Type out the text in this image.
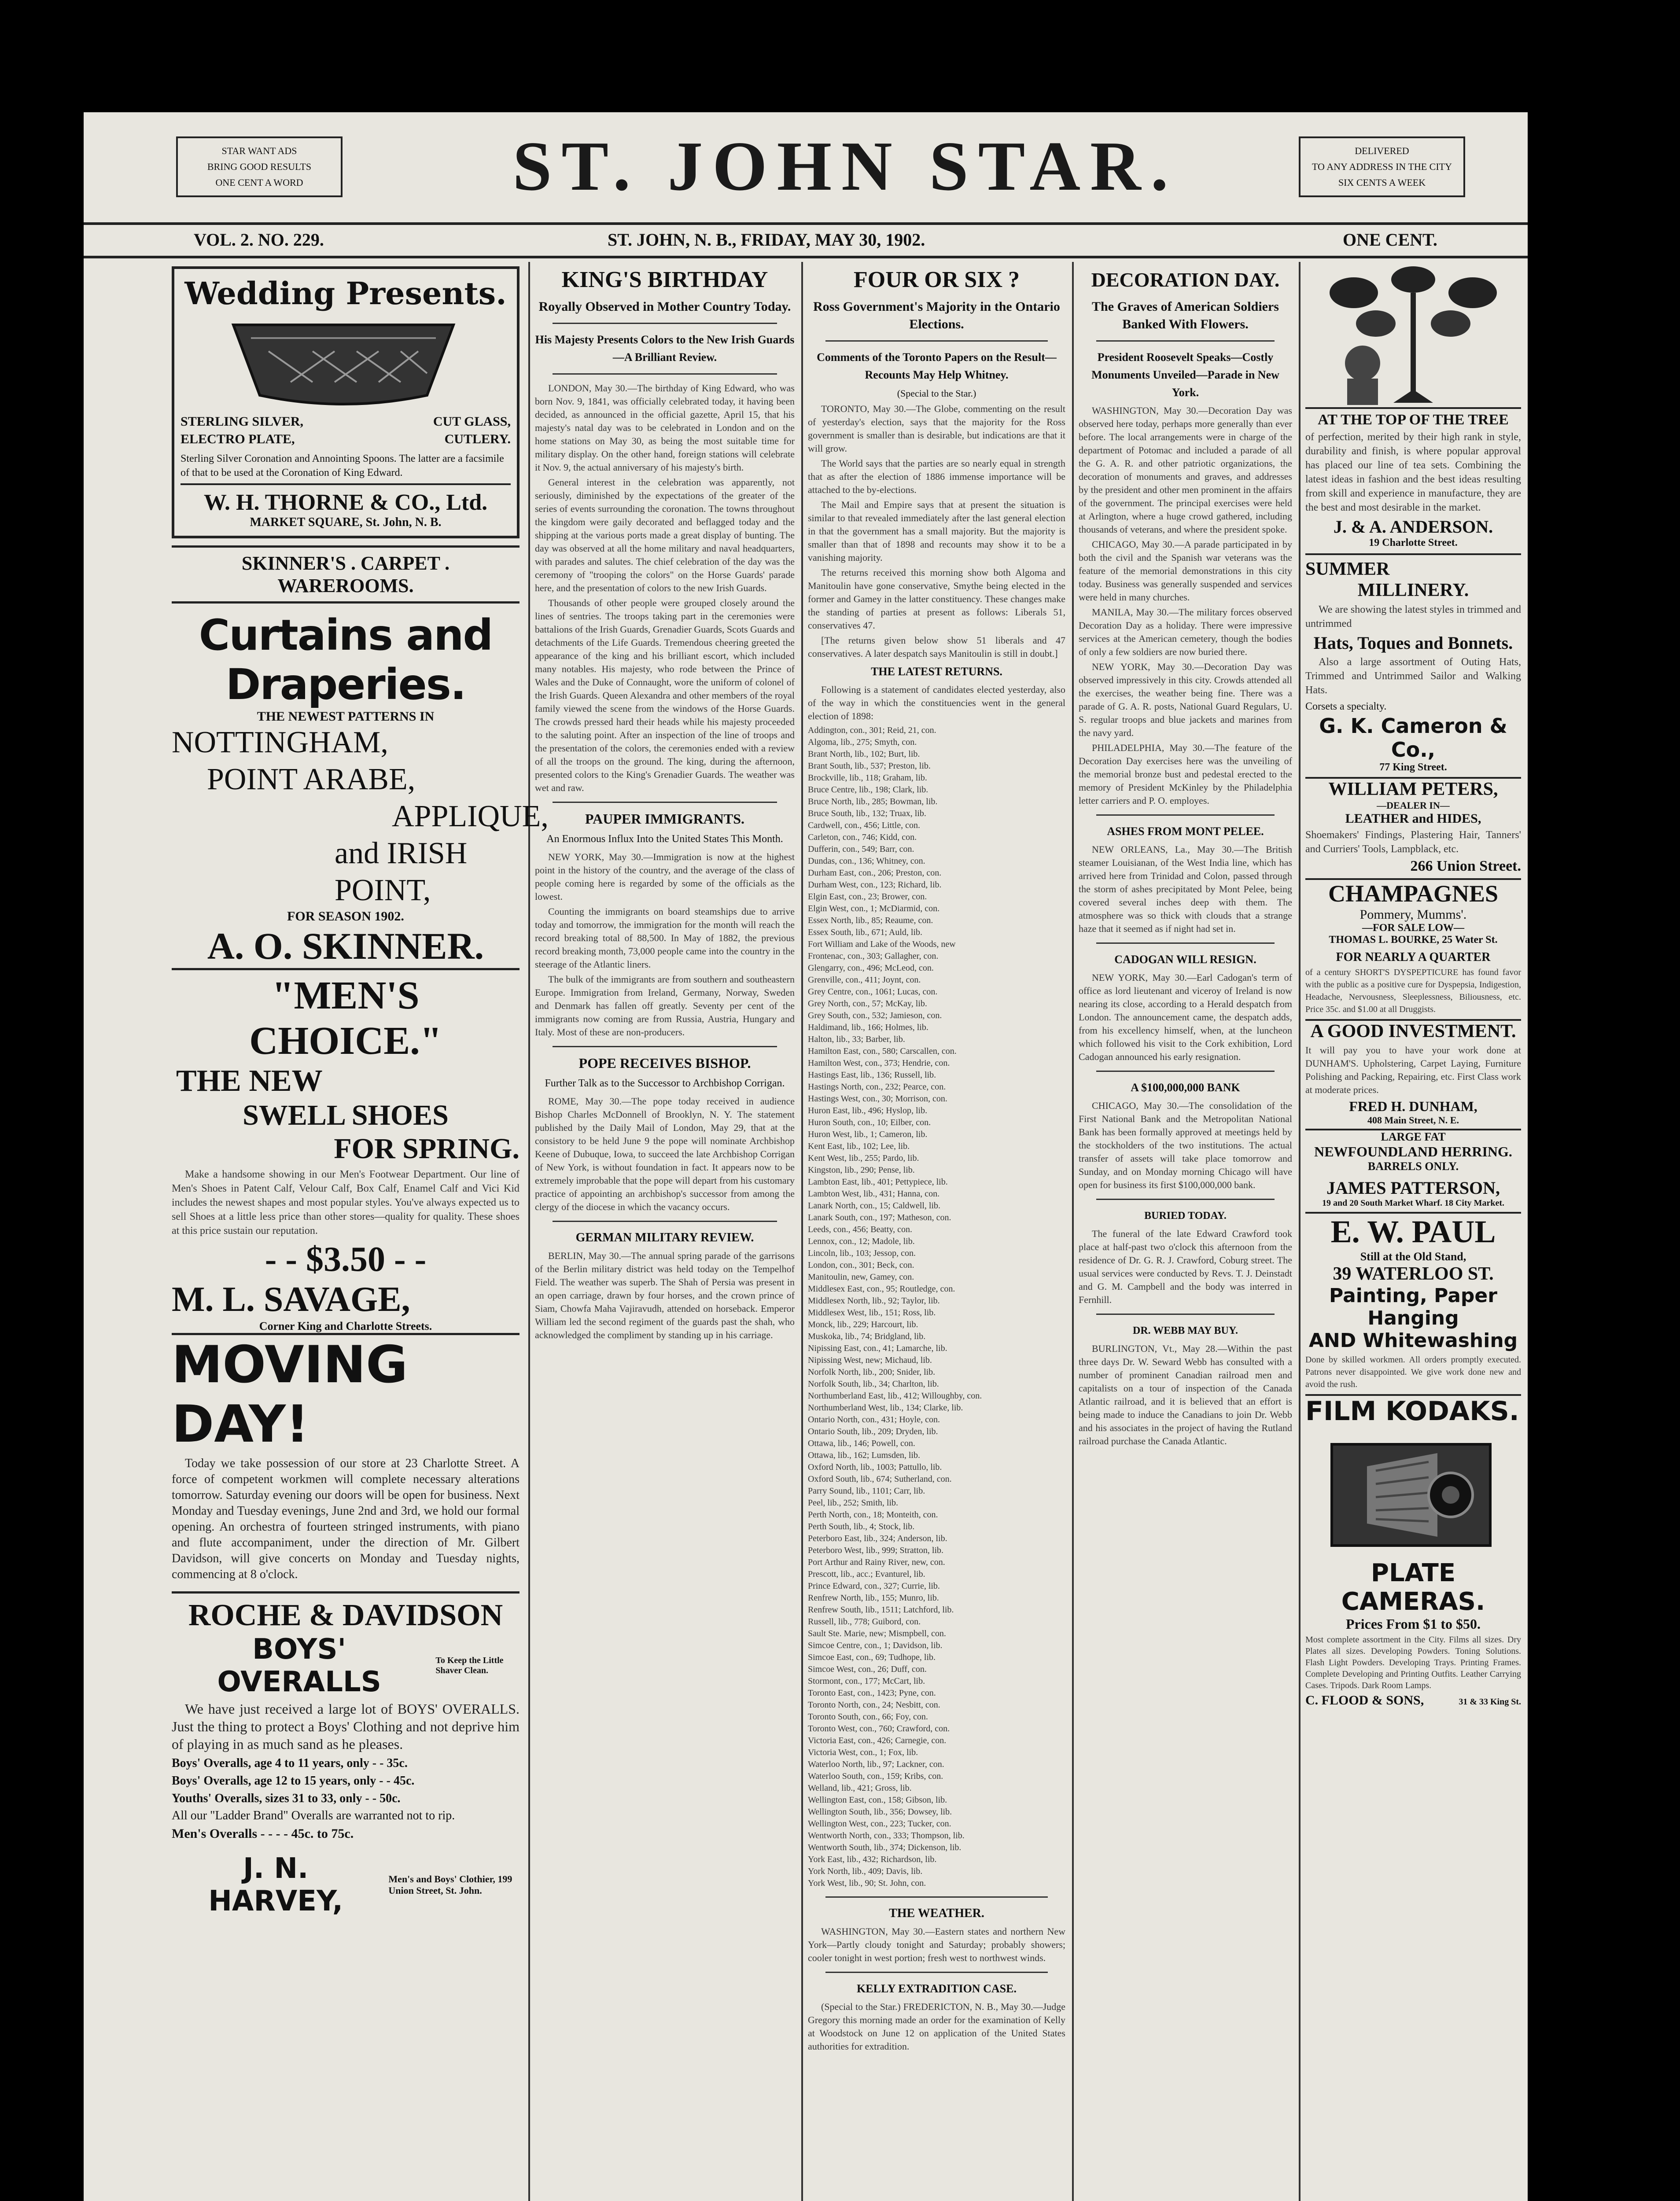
STAR WANT ADS
BRING GOOD RESULTS
ONE CENT A WORD	ST. JOHN STAR.	DELIVERED
TO ANY ADDRESS IN THE CITY
SIX CENTS A WEEK
VOL. 2. NO. 229.	ST. JOHN, N. B., FRIDAY, MAY 30, 1902.	ONE CENT.
Wedding Presents.
STERLING SILVER,	CUT GLASS,
ELECTRO PLATE,	CUTLERY.
Sterling Silver Coronation and Annointing Spoons. The latter are a facsimile of that to be used at the Coronation of King Edward.
W. H. THORNE & CO., Ltd.
MARKET SQUARE, St. John, N. B.
SKINNER'S . CARPET . WAREROOMS.
Curtains and Draperies.
THE NEWEST PATTERNS IN
NOTTINGHAM,
POINT ARABE,
APPLIQUE,
and IRISH POINT,
FOR SEASON 1902.
A. O. SKINNER.
"MEN'S CHOICE."
THE NEW
SWELL SHOES
FOR SPRING.
Make a handsome showing in our Men's Footwear Department. Our line of Men's Shoes in Patent Calf, Velour Calf, Box Calf, Enamel Calf and Vici Kid includes the newest shapes and most popular styles. You've always expected us to sell Shoes at a little less price than other stores—quality for quality. These shoes at this price sustain our reputation.
- - $3.50 - -
M. L. SAVAGE,
Corner King and Charlotte Streets.
MOVING DAY!
Today we take possession of our store at 23 Charlotte Street. A force of competent workmen will complete necessary alterations tomorrow. Saturday evening our doors will be open for business. Next Monday and Tuesday evenings, June 2nd and 3rd, we hold our formal opening. An orchestra of fourteen stringed instruments, with piano and flute accompaniment, under the direction of Mr. Gilbert Davidson, will give concerts on Monday and Tuesday nights, commencing at 8 o'clock.
ROCHE & DAVIDSON
BOYS' OVERALLS
To Keep the Little Shaver Clean.
We have just received a large lot of BOYS' OVERALLS. Just the thing to protect a Boys' Clothing and not deprive him of playing in as much sand as he pleases.
Boys' Overalls, age 4 to 11 years, only - - 35c.
Boys' Overalls, age 12 to 15 years, only - - 45c.
Youths' Overalls, sizes 31 to 33, only - - 50c.
All our "Ladder Brand" Overalls are warranted not to rip.
Men's Overalls - - - - 45c. to 75c.
J. N. HARVEY,
Men's and Boys' Clothier, 199 Union Street, St. John.
KING'S BIRTHDAY
Royally Observed in Mother Country Today.
His Majesty Presents Colors to the New Irish Guards—A Brilliant Review.
LONDON, May 30.—The birthday of King Edward, who was born Nov. 9, 1841, was officially celebrated today, it having been decided, as announced in the official gazette, April 15, that his majesty's natal day was to be celebrated in London and on the home stations on May 30, as being the most suitable time for military display. On the other hand, foreign stations will celebrate it Nov. 9, the actual anniversary of his majesty's birth.
General interest in the celebration was apparently, not seriously, diminished by the expectations of the greater of the series of events surrounding the coronation. The towns throughout the kingdom were gaily decorated and beflagged today and the shipping at the various ports made a great display of bunting. The day was observed at all the home military and naval headquarters, with parades and salutes. The chief celebration of the day was the ceremony of "trooping the colors" on the Horse Guards' parade here, and the presentation of colors to the new Irish Guards.
Thousands of other people were grouped closely around the lines of sentries. The troops taking part in the ceremonies were battalions of the Irish Guards, Grenadier Guards, Scots Guards and detachments of the Life Guards. Tremendous cheering greeted the appearance of the king and his brilliant escort, which included many notables. His majesty, who rode between the Prince of Wales and the Duke of Connaught, wore the uniform of colonel of the Irish Guards. Queen Alexandra and other members of the royal family viewed the scene from the windows of the Horse Guards. The crowds pressed hard their heads while his majesty proceeded to the saluting point. After an inspection of the line of troops and the presentation of the colors, the ceremonies ended with a review of all the troops on the ground. The king, during the afternoon, presented colors to the King's Grenadier Guards. The weather was wet and raw.
PAUPER IMMIGRANTS.
An Enormous Influx Into the United States This Month.
NEW YORK, May 30.—Immigration is now at the highest point in the history of the country, and the average of the class of people coming here is regarded by some of the officials as the lowest.
Counting the immigrants on board steamships due to arrive today and tomorrow, the immigration for the month will reach the record breaking total of 88,500. In May of 1882, the previous record breaking month, 73,000 people came into the country in the steerage of the Atlantic liners.
The bulk of the immigrants are from southern and southeastern Europe. Immigration from Ireland, Germany, Norway, Sweden and Denmark has fallen off greatly. Seventy per cent of the immigrants now coming are from Russia, Austria, Hungary and Italy. Most of these are non-producers.
POPE RECEIVES BISHOP.
Further Talk as to the Successor to Archbishop Corrigan.
ROME, May 30.—The pope today received in audience Bishop Charles McDonnell of Brooklyn, N. Y. The statement published by the Daily Mail of London, May 29, that at the consistory to be held June 9 the pope will nominate Archbishop Keene of Dubuque, Iowa, to succeed the late Archbishop Corrigan of New York, is without foundation in fact. It appears now to be extremely improbable that the pope will depart from his customary practice of appointing an archbishop's successor from among the clergy of the diocese in which the vacancy occurs.
GERMAN MILITARY REVIEW.
BERLIN, May 30.—The annual spring parade of the garrisons of the Berlin military district was held today on the Tempelhof Field. The weather was superb. The Shah of Persia was present in an open carriage, drawn by four horses, and the crown prince of Siam, Chowfa Maha Vajiravudh, attended on horseback. Emperor William led the second regiment of the guards past the shah, who acknowledged the compliment by standing up in his carriage.
FOUR OR SIX ?
Ross Government's Majority in the Ontario Elections.
Comments of the Toronto Papers on the Result—Recounts May Help Whitney.
(Special to the Star.)
TORONTO, May 30.—The Globe, commenting on the result of yesterday's election, says that the majority for the Ross government is smaller than is desirable, but indications are that it will grow.
The World says that the parties are so nearly equal in strength that as after the election of 1886 immense importance will be attached to the by-elections.
The Mail and Empire says that at present the situation is similar to that revealed immediately after the last general election in that the government has a small majority. But the majority is smaller than that of 1898 and recounts may show it to be a vanishing majority.
The returns received this morning show both Algoma and Manitoulin have gone conservative, Smythe being elected in the former and Gamey in the latter constituency. These changes make the standing of parties at present as follows: Liberals 51, conservatives 47.
[The returns given below show 51 liberals and 47 conservatives. A later despatch says Manitoulin is still in doubt.]
THE LATEST RETURNS.
Following is a statement of candidates elected yesterday, also of the way in which the constituencies went in the general election of 1898:
Addington, con., 301; Reid, 21, con.
Algoma, lib., 275; Smyth, con.
Brant North, lib., 102; Burt, lib.
Brant South, lib., 537; Preston, lib.
Brockville, lib., 118; Graham, lib.
Bruce Centre, lib., 198; Clark, lib.
Bruce North, lib., 285; Bowman, lib.
Bruce South, lib., 132; Truax, lib.
Cardwell, con., 456; Little, con.
Carleton, con., 746; Kidd, con.
Dufferin, con., 549; Barr, con.
Dundas, con., 136; Whitney, con.
Durham East, con., 206; Preston, con.
Durham West, con., 123; Richard, lib.
Elgin East, con., 23; Brower, con.
Elgin West, con., 1; McDiarmid, con.
Essex North, lib., 85; Reaume, con.
Essex South, lib., 671; Auld, lib.
Fort William and Lake of the Woods, new
Frontenac, con., 303; Gallagher, con.
Glengarry, con., 496; McLeod, con.
Grenville, con., 411; Joynt, con.
Grey Centre, con., 1061; Lucas, con.
Grey North, con., 57; McKay, lib.
Grey South, con., 532; Jamieson, con.
Haldimand, lib., 166; Holmes, lib.
Halton, lib., 33; Barber, lib.
Hamilton East, con., 580; Carscallen, con.
Hamilton West, con., 373; Hendrie, con.
Hastings East, lib., 136; Russell, lib.
Hastings North, con., 232; Pearce, con.
Hastings West, con., 30; Morrison, con.
Huron East, lib., 496; Hyslop, lib.
Huron South, con., 10; Eilber, con.
Huron West, lib., 1; Cameron, lib.
Kent East, lib., 102; Lee, lib.
Kent West, lib., 255; Pardo, lib.
Kingston, lib., 290; Pense, lib.
Lambton East, lib., 401; Pettypiece, lib.
Lambton West, lib., 431; Hanna, con.
Lanark North, con., 15; Caldwell, lib.
Lanark South, con., 197; Matheson, con.
Leeds, con., 456; Beatty, con.
Lennox, con., 12; Madole, lib.
Lincoln, lib., 103; Jessop, con.
London, con., 301; Beck, con.
Manitoulin, new, Gamey, con.
Middlesex East, con., 95; Routledge, con.
Middlesex North, lib., 92; Taylor, lib.
Middlesex West, lib., 151; Ross, lib.
Monck, lib., 229; Harcourt, lib.
Muskoka, lib., 74; Bridgland, lib.
Nipissing East, con., 41; Lamarche, lib.
Nipissing West, new; Michaud, lib.
Norfolk North, lib., 200; Snider, lib.
Norfolk South, lib., 34; Charlton, lib.
Northumberland East, lib., 412; Willoughby, con.
Northumberland West, lib., 134; Clarke, lib.
Ontario North, con., 431; Hoyle, con.
Ontario South, lib., 209; Dryden, lib.
Ottawa, lib., 146; Powell, con.
Ottawa, lib., 162; Lumsden, lib.
Oxford North, lib., 1003; Pattullo, lib.
Oxford South, lib., 674; Sutherland, con.
Parry Sound, lib., 1101; Carr, lib.
Peel, lib., 252; Smith, lib.
Perth North, con., 18; Monteith, con.
Perth South, lib., 4; Stock, lib.
Peterboro East, lib., 324; Anderson, lib.
Peterboro West, lib., 999; Stratton, lib.
Port Arthur and Rainy River, new, con.
Prescott, lib., acc.; Evanturel, lib.
Prince Edward, con., 327; Currie, lib.
Renfrew North, lib., 155; Munro, lib.
Renfrew South, lib., 1511; Latchford, lib.
Russell, lib., 778; Guibord, con.
Sault Ste. Marie, new; Mismpbell, con.
Simcoe Centre, con., 1; Davidson, lib.
Simcoe East, con., 69; Tudhope, lib.
Simcoe West, con., 26; Duff, con.
Stormont, con., 177; McCart, lib.
Toronto East, con., 1423; Pyne, con.
Toronto North, con., 24; Nesbitt, con.
Toronto South, con., 66; Foy, con.
Toronto West, con., 760; Crawford, con.
Victoria East, con., 426; Carnegie, con.
Victoria West, con., 1; Fox, lib.
Waterloo North, lib., 97; Lackner, con.
Waterloo South, con., 159; Kribs, con.
Welland, lib., 421; Gross, lib.
Wellington East, con., 158; Gibson, lib.
Wellington South, lib., 356; Dowsey, lib.
Wellington West, con., 223; Tucker, con.
Wentworth North, con., 333; Thompson, lib.
Wentworth South, lib., 374; Dickenson, lib.
York East, lib., 432; Richardson, lib.
York North, lib., 409; Davis, lib.
York West, lib., 90; St. John, con.
THE WEATHER.
WASHINGTON, May 30.—Eastern states and northern New York—Partly cloudy tonight and Saturday; probably showers; cooler tonight in west portion; fresh west to northwest winds.
KELLY EXTRADITION CASE.
(Special to the Star.) FREDERICTON, N. B., May 30.—Judge Gregory this morning made an order for the examination of Kelly at Woodstock on June 12 on application of the United States authorities for extradition.
DECORATION DAY.
The Graves of American Soldiers Banked With Flowers.
President Roosevelt Speaks—Costly Monuments Unveiled—Parade in New York.
WASHINGTON, May 30.—Decoration Day was observed here today, perhaps more generally than ever before. The local arrangements were in charge of the department of Potomac and included a parade of all the G. A. R. and other patriotic organizations, the decoration of monuments and graves, and addresses by the president and other men prominent in the affairs of the government. The principal exercises were held at Arlington, where a huge crowd gathered, including thousands of veterans, and where the president spoke.
CHICAGO, May 30.—A parade participated in by both the civil and the Spanish war veterans was the feature of the memorial demonstrations in this city today. Business was generally suspended and services were held in many churches.
MANILA, May 30.—The military forces observed Decoration Day as a holiday. There were impressive services at the American cemetery, though the bodies of only a few soldiers are now buried there.
NEW YORK, May 30.—Decoration Day was observed impressively in this city. Crowds attended all the exercises, the weather being fine. There was a parade of G. A. R. posts, National Guard Regulars, U. S. regular troops and blue jackets and marines from the navy yard.
PHILADELPHIA, May 30.—The feature of the Decoration Day exercises here was the unveiling of the memorial bronze bust and pedestal erected to the memory of President McKinley by the Philadelphia letter carriers and P. O. employes.
ASHES FROM MONT PELEE.
NEW ORLEANS, La., May 30.—The British steamer Louisianan, of the West India line, which has arrived here from Trinidad and Colon, passed through the storm of ashes precipitated by Mont Pelee, being covered several inches deep with them. The atmosphere was so thick with clouds that a strange haze that it seemed as if night had set in.
CADOGAN WILL RESIGN.
NEW YORK, May 30.—Earl Cadogan's term of office as lord lieutenant and viceroy of Ireland is now nearing its close, according to a Herald despatch from London. The announcement came, the despatch adds, from his excellency himself, when, at the luncheon which followed his visit to the Cork exhibition, Lord Cadogan announced his early resignation.
A $100,000,000 BANK
CHICAGO, May 30.—The consolidation of the First National Bank and the Metropolitan National Bank has been formally approved at meetings held by the stockholders of the two institutions. The actual transfer of assets will take place tomorrow and Sunday, and on Monday morning Chicago will have open for business its first $100,000,000 bank.
BURIED TODAY.
The funeral of the late Edward Crawford took place at half-past two o'clock this afternoon from the residence of Dr. G. R. J. Crawford, Coburg street. The usual services were conducted by Revs. T. J. Deinstadt and G. M. Campbell and the body was interred in Fernhill.
DR. WEBB MAY BUY.
BURLINGTON, Vt., May 28.—Within the past three days Dr. W. Seward Webb has consulted with a number of prominent Canadian railroad men and capitalists on a tour of inspection of the Canada Atlantic railroad, and it is believed that an effort is being made to induce the Canadians to join Dr. Webb and his associates in the project of having the Rutland railroad purchase the Canada Atlantic.
AT THE TOP OF THE TREE
of perfection, merited by their high rank in style, durability and finish, is where popular approval has placed our line of tea sets. Combining the latest ideas in fashion and the best ideas resulting from skill and experience in manufacture, they are the best and most desirable in the market.
J. & A. ANDERSON.
19 Charlotte Street.
SUMMER
MILLINERY.
We are showing the latest styles in trimmed and untrimmed
Hats, Toques and Bonnets.
Also a large assortment of Outing Hats, Trimmed and Untrimmed Sailor and Walking Hats.
Corsets a specialty.
G. K. Cameron & Co.,
77 King Street.
WILLIAM PETERS,
—DEALER IN—
LEATHER and HIDES,
Shoemakers' Findings, Plastering Hair, Tanners' and Curriers' Tools, Lampblack, etc.
266 Union Street.
CHAMPAGNES
Pommery, Mumms'.
—FOR SALE LOW—
THOMAS L. BOURKE, 25 Water St.
FOR NEARLY A QUARTER
of a century SHORT'S DYSPEPTICURE has found favor with the public as a positive cure for Dyspepsia, Indigestion, Headache, Nervousness, Sleeplessness, Biliousness, etc. Price 35c. and $1.00 at all Druggists.
A GOOD INVESTMENT.
It will pay you to have your work done at DUNHAM'S. Upholstering, Carpet Laying, Furniture Polishing and Packing, Repairing, etc. First Class work at moderate prices.
FRED H. DUNHAM,
408 Main Street, N. E.
LARGE FAT
NEWFOUNDLAND HERRING.
BARRELS ONLY.
JAMES PATTERSON,
19 and 20 South Market Wharf. 18 City Market.
E. W. PAUL
Still at the Old Stand,
39 WATERLOO ST.
Painting, Paper Hanging
AND Whitewashing
Done by skilled workmen. All orders promptly executed. Patrons never disappointed. We give work done new and avoid the rush.
FILM KODAKS.
PLATE CAMERAS.
Prices From $1 to $50.
Most complete assortment in the City. Films all sizes. Dry Plates all sizes. Developing Powders. Toning Solutions. Flash Light Powders. Developing Trays. Printing Frames. Complete Developing and Printing Outfits. Leather Carrying Cases. Tripods. Dark Room Lamps.
C. FLOOD & SONS,	31 & 33 King St.
